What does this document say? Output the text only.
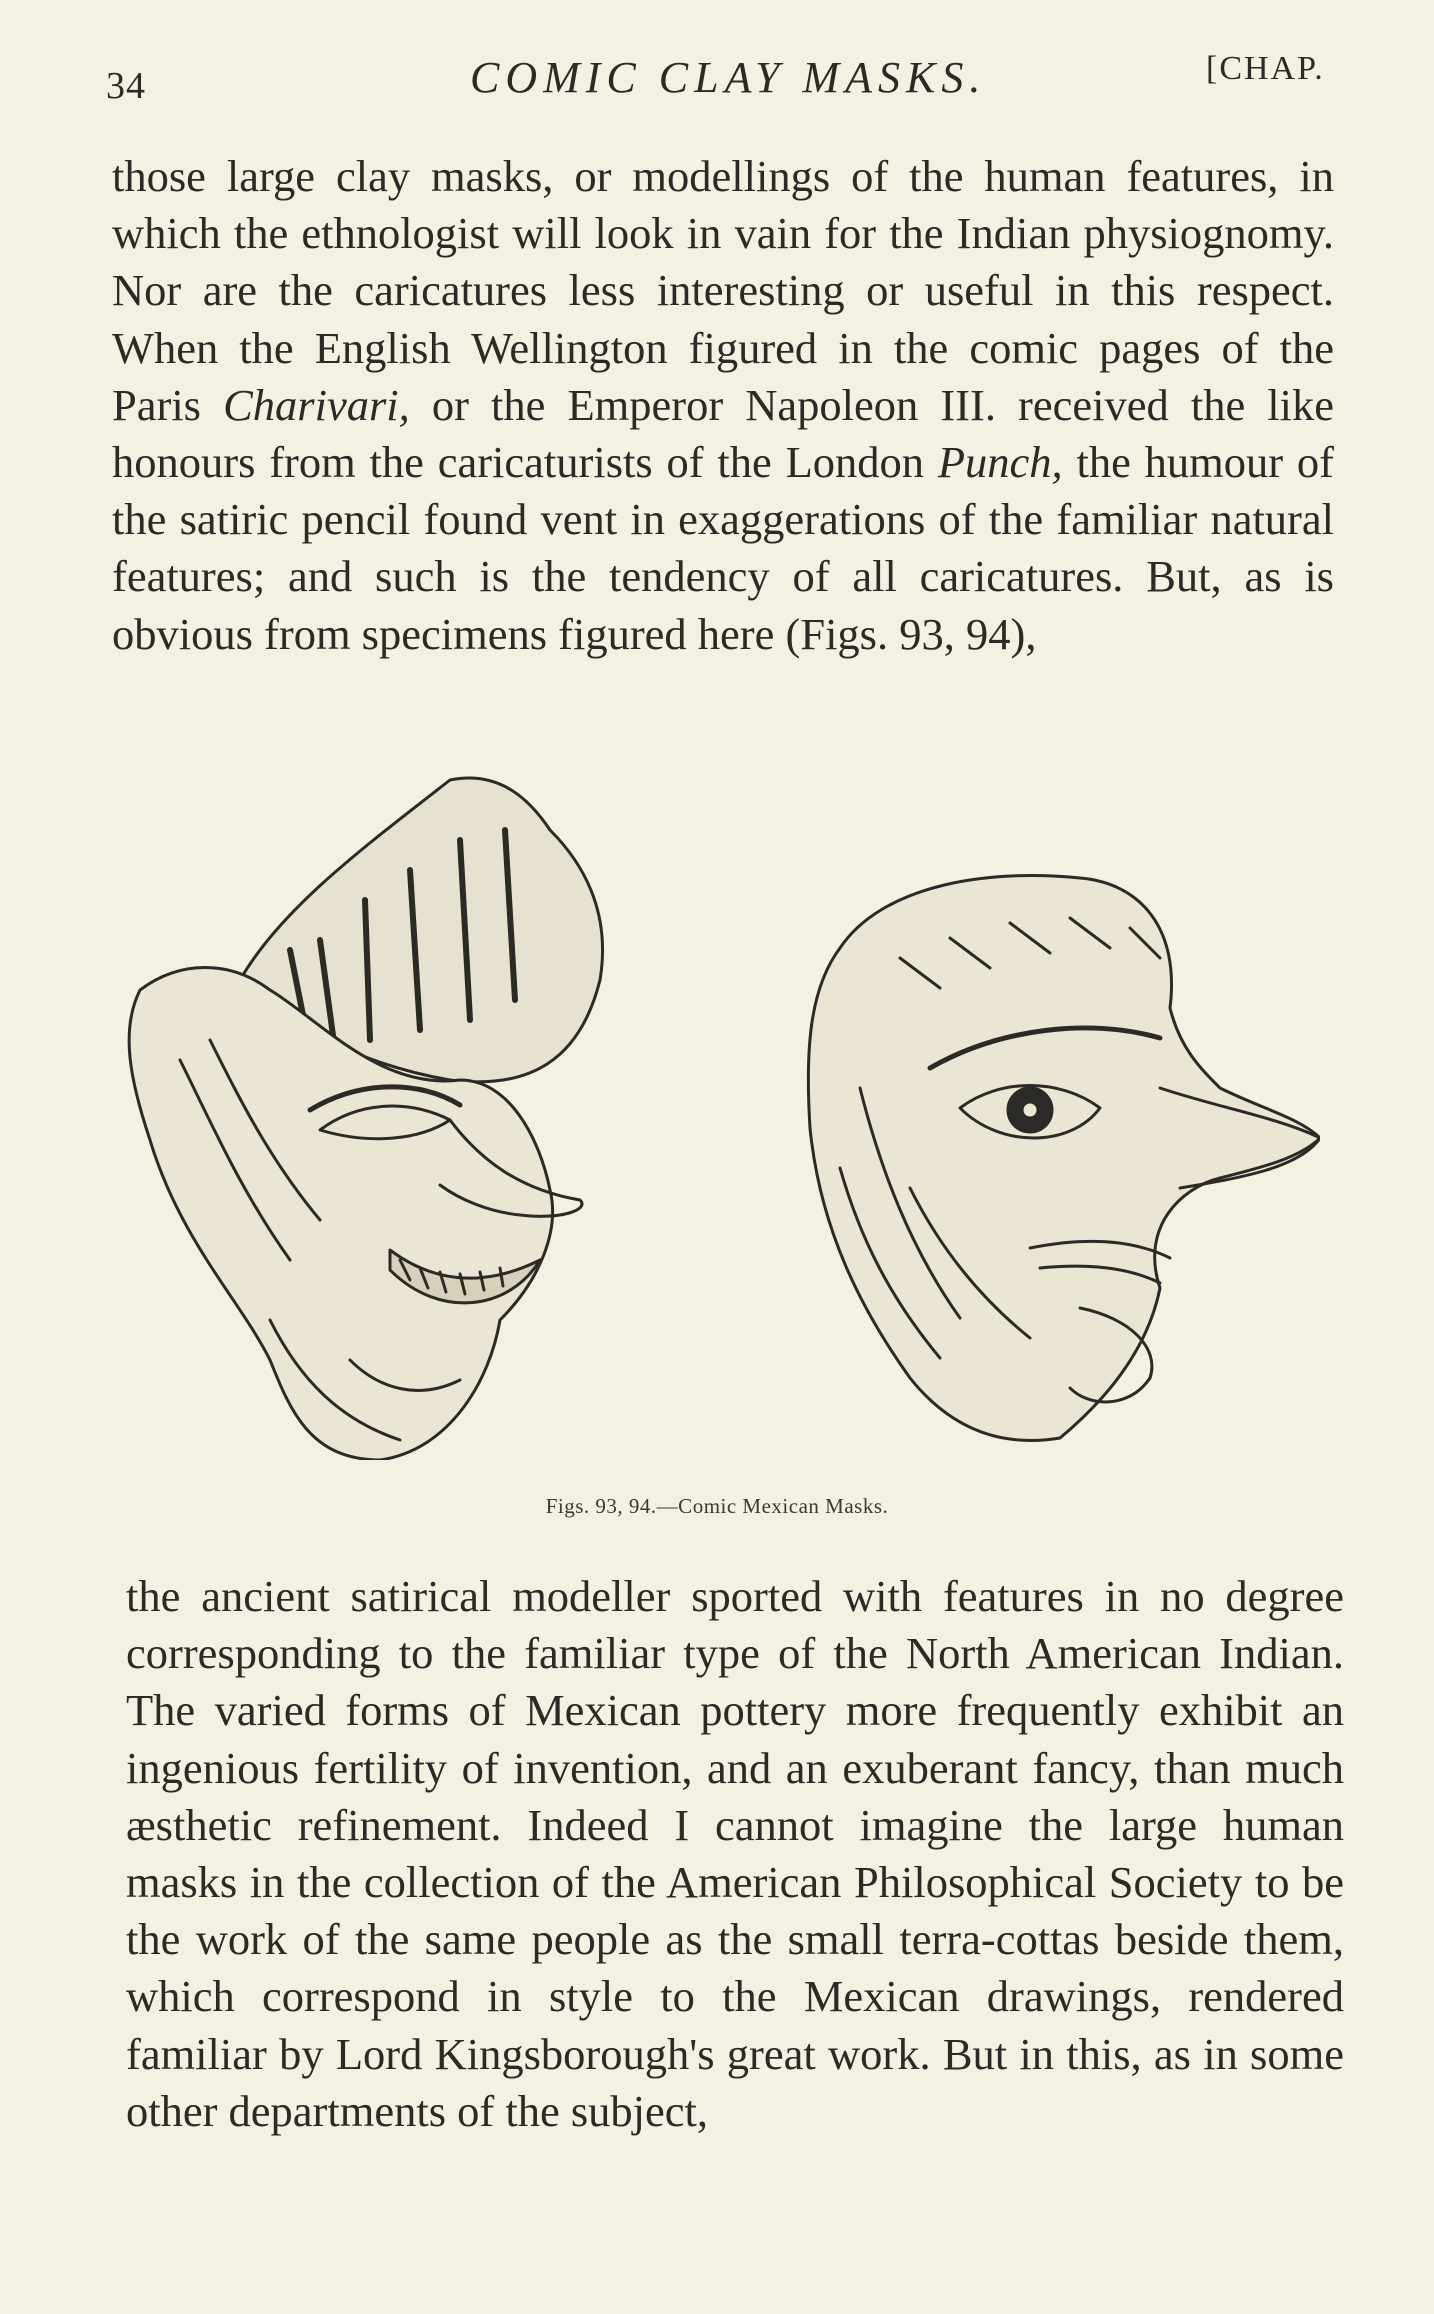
34	COMIC CLAY MASKS.	[CHAP.

those large clay masks, or modellings of the human features, in which the ethnologist will look in vain for the Indian physiognomy. Nor are the caricatures less interesting or useful in this respect. When the English Wellington figured in the comic pages of the Paris Charivari, or the Emperor Napoleon III. received the like honours from the caricaturists of the London Punch, the humour of the satiric pencil found vent in exaggerations of the familiar natural features; and such is the tendency of all caricatures. But, as is obvious from specimens figured here (Figs. 93, 94),

Figs. 93, 94.—Comic Mexican Masks.

the ancient satirical modeller sported with features in no degree corresponding to the familiar type of the North American Indian. The varied forms of Mexican pottery more frequently exhibit an ingenious fertility of invention, and an exuberant fancy, than much æsthetic refinement. Indeed I cannot imagine the large human masks in the collection of the American Philosophical Society to be the work of the same people as the small terra-cottas beside them, which correspond in style to the Mexican drawings, rendered familiar by Lord Kingsborough's great work. But in this, as in some other departments of the subject,
